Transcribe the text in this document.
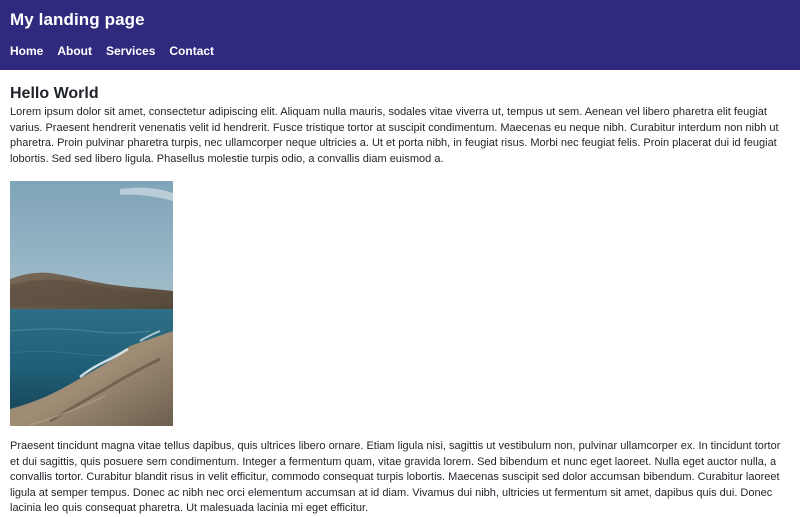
My landing page
Home About Services Contact
Hello World

Lorem ipsum dolor sit amet, consectetur adipiscing elit. Aliquam nulla mauris, sodales vitae viverra ut, tempus ut sem. Aenean vel libero pharetra elit feugiat varius. Praesent hendrerit venenatis velit id hendrerit. Fusce tristique tortor at suscipit condimentum. Maecenas eu neque nibh. Curabitur interdum non nibh ut pharetra. Proin pulvinar pharetra turpis, nec ullamcorper neque ultricies a. Ut et porta nibh, in feugiat risus. Morbi nec feugiat felis. Proin placerat dui id feugiat lobortis. Sed sed libero ligula. Phasellus molestie turpis odio, a convallis diam euismod a.

Praesent tincidunt magna vitae tellus dapibus, quis ultrices libero ornare. Etiam ligula nisi, sagittis ut vestibulum non, pulvinar ullamcorper ex. In tincidunt tortor et dui sagittis, quis posuere sem condimentum. Integer a fermentum quam, vitae gravida lorem. Sed bibendum et nunc eget laoreet. Nulla eget auctor nulla, a convallis tortor. Curabitur blandit risus in velit efficitur, commodo consequat turpis lobortis. Maecenas suscipit sed dolor accumsan bibendum. Curabitur laoreet ligula at semper tempus. Donec ac nibh nec orci elementum accumsan at id diam. Vivamus dui nibh, ultricies ut fermentum sit amet, dapibus quis dui. Donec lacinia leo quis consequat pharetra. Ut malesuada lacinia mi eget efficitur.
